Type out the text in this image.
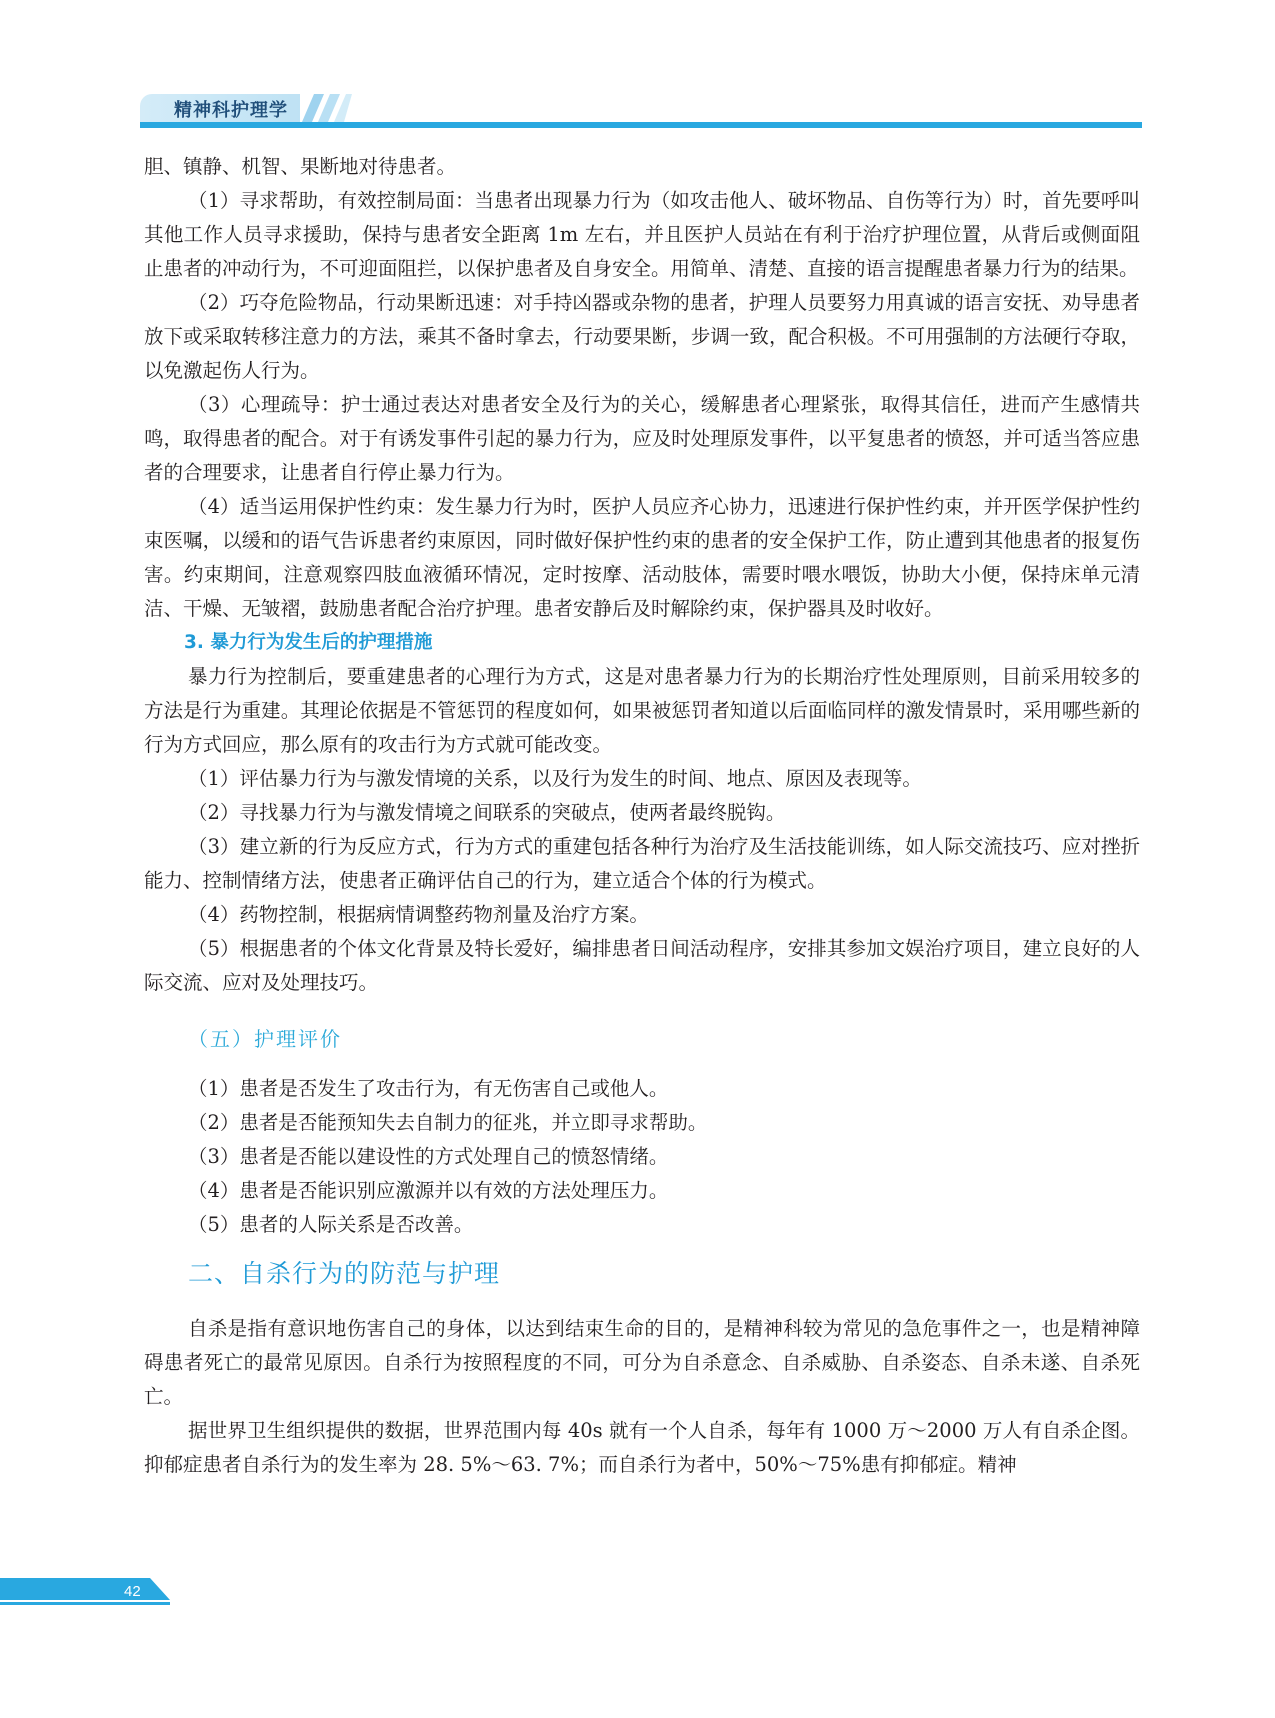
精神科护理学

胆、镇静、机智、果断地对待患者。

（1）寻求帮助，有效控制局面：当患者出现暴力行为（如攻击他人、破坏物品、自伤等行为）时，首先要呼叫其他工作人员寻求援助，保持与患者安全距离 1m 左右，并且医护人员站在有利于治疗护理位置，从背后或侧面阻止患者的冲动行为，不可迎面阻拦，以保护患者及自身安全。用简单、清楚、直接的语言提醒患者暴力行为的结果。

（2）巧夺危险物品，行动果断迅速：对手持凶器或杂物的患者，护理人员要努力用真诚的语言安抚、劝导患者放下或采取转移注意力的方法，乘其不备时拿去，行动要果断，步调一致，配合积极。不可用强制的方法硬行夺取，以免激起伤人行为。

（3）心理疏导：护士通过表达对患者安全及行为的关心，缓解患者心理紧张，取得其信任，进而产生感情共鸣，取得患者的配合。对于有诱发事件引起的暴力行为，应及时处理原发事件，以平复患者的愤怒，并可适当答应患者的合理要求，让患者自行停止暴力行为。

（4）适当运用保护性约束：发生暴力行为时，医护人员应齐心协力，迅速进行保护性约束，并开医学保护性约束医嘱，以缓和的语气告诉患者约束原因，同时做好保护性约束的患者的安全保护工作，防止遭到其他患者的报复伤害。约束期间，注意观察四肢血液循环情况，定时按摩、活动肢体，需要时喂水喂饭，协助大小便，保持床单元清洁、干燥、无皱褶，鼓励患者配合治疗护理。患者安静后及时解除约束，保护器具及时收好。

3. 暴力行为发生后的护理措施

暴力行为控制后，要重建患者的心理行为方式，这是对患者暴力行为的长期治疗性处理原则，目前采用较多的方法是行为重建。其理论依据是不管惩罚的程度如何，如果被惩罚者知道以后面临同样的激发情景时，采用哪些新的行为方式回应，那么原有的攻击行为方式就可能改变。

（1）评估暴力行为与激发情境的关系，以及行为发生的时间、地点、原因及表现等。

（2）寻找暴力行为与激发情境之间联系的突破点，使两者最终脱钩。

（3）建立新的行为反应方式，行为方式的重建包括各种行为治疗及生活技能训练，如人际交流技巧、应对挫折能力、控制情绪方法，使患者正确评估自己的行为，建立适合个体的行为模式。

（4）药物控制，根据病情调整药物剂量及治疗方案。

（5）根据患者的个体文化背景及特长爱好，编排患者日间活动程序，安排其参加文娱治疗项目，建立良好的人际交流、应对及处理技巧。

（五）护理评价

（1）患者是否发生了攻击行为，有无伤害自己或他人。

（2）患者是否能预知失去自制力的征兆，并立即寻求帮助。

（3）患者是否能以建设性的方式处理自己的愤怒情绪。

（4）患者是否能识别应激源并以有效的方法处理压力。

（5）患者的人际关系是否改善。

二、自杀行为的防范与护理

自杀是指有意识地伤害自己的身体，以达到结束生命的目的，是精神科较为常见的急危事件之一，也是精神障碍患者死亡的最常见原因。自杀行为按照程度的不同，可分为自杀意念、自杀威胁、自杀姿态、自杀未遂、自杀死亡。

据世界卫生组织提供的数据，世界范围内每 40s 就有一个人自杀，每年有 1000 万～2000 万人有自杀企图。抑郁症患者自杀行为的发生率为 28. 5%～63. 7%；而自杀行为者中，50%～75%患有抑郁症。精神

42
